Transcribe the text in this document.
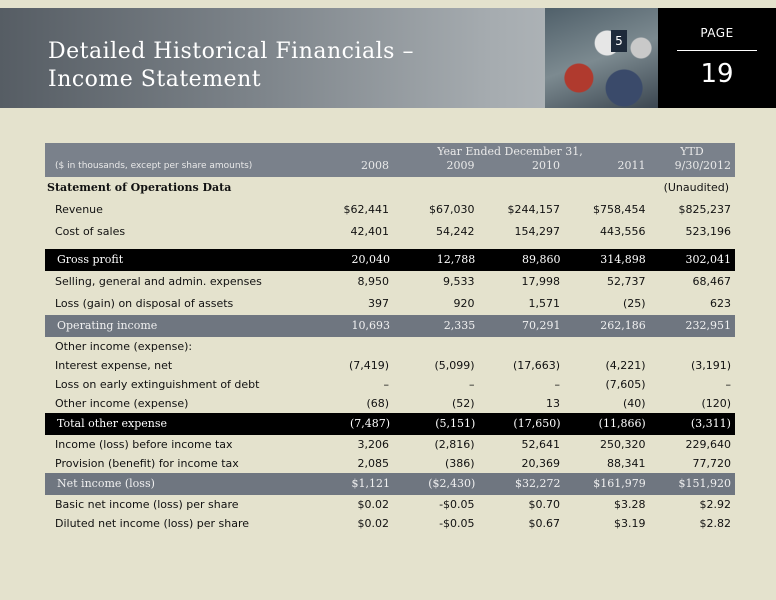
Detailed Historical Financials –
Income Statement
5
PAGE
19
Year Ended December 31,	YTD
($ in thousands, except per share amounts)	2008	2009	2010	2011	9/30/2012
Statement of Operations Data	(Unaudited)
Revenue	$62,441	$67,030	$244,157	$758,454	$825,237
Cost of sales	42,401	54,242	154,297	443,556	523,196
Gross profit	20,040	12,788	89,860	314,898	302,041
Selling, general and admin. expenses	8,950	9,533	17,998	52,737	68,467
Loss (gain) on disposal of assets	397	920	1,571	(25)	623
Operating income	10,693	2,335	70,291	262,186	232,951
Other income (expense):
Interest expense, net	(7,419)	(5,099)	(17,663)	(4,221)	(3,191)
Loss on early extinguishment of debt	–	–	–	(7,605)	–
Other income (expense)	(68)	(52)	13	(40)	(120)
Total other expense	(7,487)	(5,151)	(17,650)	(11,866)	(3,311)
Income (loss) before income tax	3,206	(2,816)	52,641	250,320	229,640
Provision (benefit) for income tax	2,085	(386)	20,369	88,341	77,720
Net income (loss)	$1,121	($2,430)	$32,272	$161,979	$151,920
Basic net income (loss) per share	$0.02	-$0.05	$0.70	$3.28	$2.92
Diluted net income (loss) per share	$0.02	-$0.05	$0.67	$3.19	$2.82
